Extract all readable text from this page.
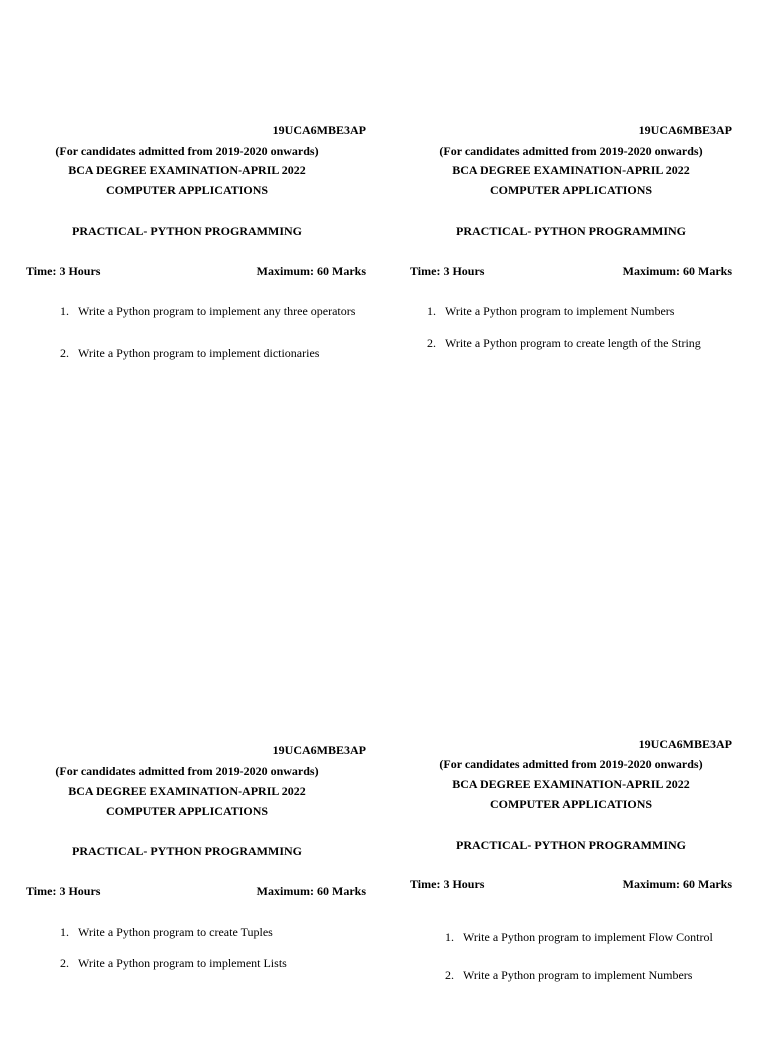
19UCA6MBE3AP
(For candidates admitted from 2019-2020 onwards)
BCA DEGREE EXAMINATION-APRIL 2022
COMPUTER APPLICATIONS
PRACTICAL- PYTHON PROGRAMMING
Time: 3 Hours	Maximum: 60 Marks
1. Write a Python program to implement any three operators
2. Write a Python program to implement dictionaries
19UCA6MBE3AP
(For candidates admitted from 2019-2020 onwards)
BCA DEGREE EXAMINATION-APRIL 2022
COMPUTER APPLICATIONS
PRACTICAL- PYTHON PROGRAMMING
Time: 3 Hours	Maximum: 60 Marks
1. Write a Python program to implement Numbers
2. Write a Python program to create length of the String
19UCA6MBE3AP
(For candidates admitted from 2019-2020 onwards)
BCA DEGREE EXAMINATION-APRIL 2022
COMPUTER APPLICATIONS
PRACTICAL- PYTHON PROGRAMMING
Time: 3 Hours	Maximum: 60 Marks
1. Write a Python program to create Tuples
2. Write a Python program to implement Lists
19UCA6MBE3AP
(For candidates admitted from 2019-2020 onwards)
BCA DEGREE EXAMINATION-APRIL 2022
COMPUTER APPLICATIONS
PRACTICAL- PYTHON PROGRAMMING
Time: 3 Hours	Maximum: 60 Marks
1. Write a Python program to implement Flow Control
2. Write a Python program to implement Numbers
